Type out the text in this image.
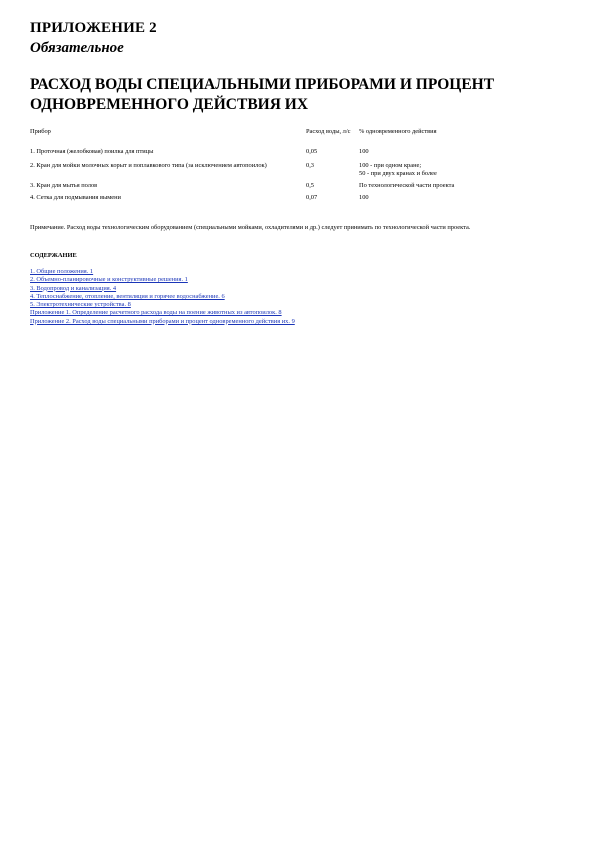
ПРИЛОЖЕНИЕ 2
Обязательное
РАСХОД ВОДЫ СПЕЦИАЛЬНЫМИ ПРИБОРАМИ И ПРОЦЕНТ ОДНОВРЕМЕННОГО ДЕЙСТВИЯ ИХ
Прибор	Расход воды, л/с	% одновременного действия
1. Проточная (желобковая) поилка для птицы	0,05	100
2. Кран для мойки молочных корыт и поплавкового типа (за исключением автопоилок)	0,3	100 - при одном кране;
50 - при двух кранах и более

3. Кран для мытья полов	0,5	По технологической части проекта
4. Сетка для подмывания вымени	0,07	100
Примечание. Расход воды технологическим оборудованием (специальными мойками, охладителями и др.) следует принимать по технологической части проекта.
СОДЕРЖАНИЕ
1. Общие положения. 1
2. Объемно-планировочные и конструктивные решения. 1
3. Водопровод и канализация. 4
4. Теплоснабжение, отопление, вентиляция и горячее водоснабжение. 6
5. Электротехнические устройства. 8
Приложение 1. Определение расчетного расхода воды на поение животных из автопоилок. 8
Приложение 2. Расход воды специальными приборами и процент одновременного действия их. 9
